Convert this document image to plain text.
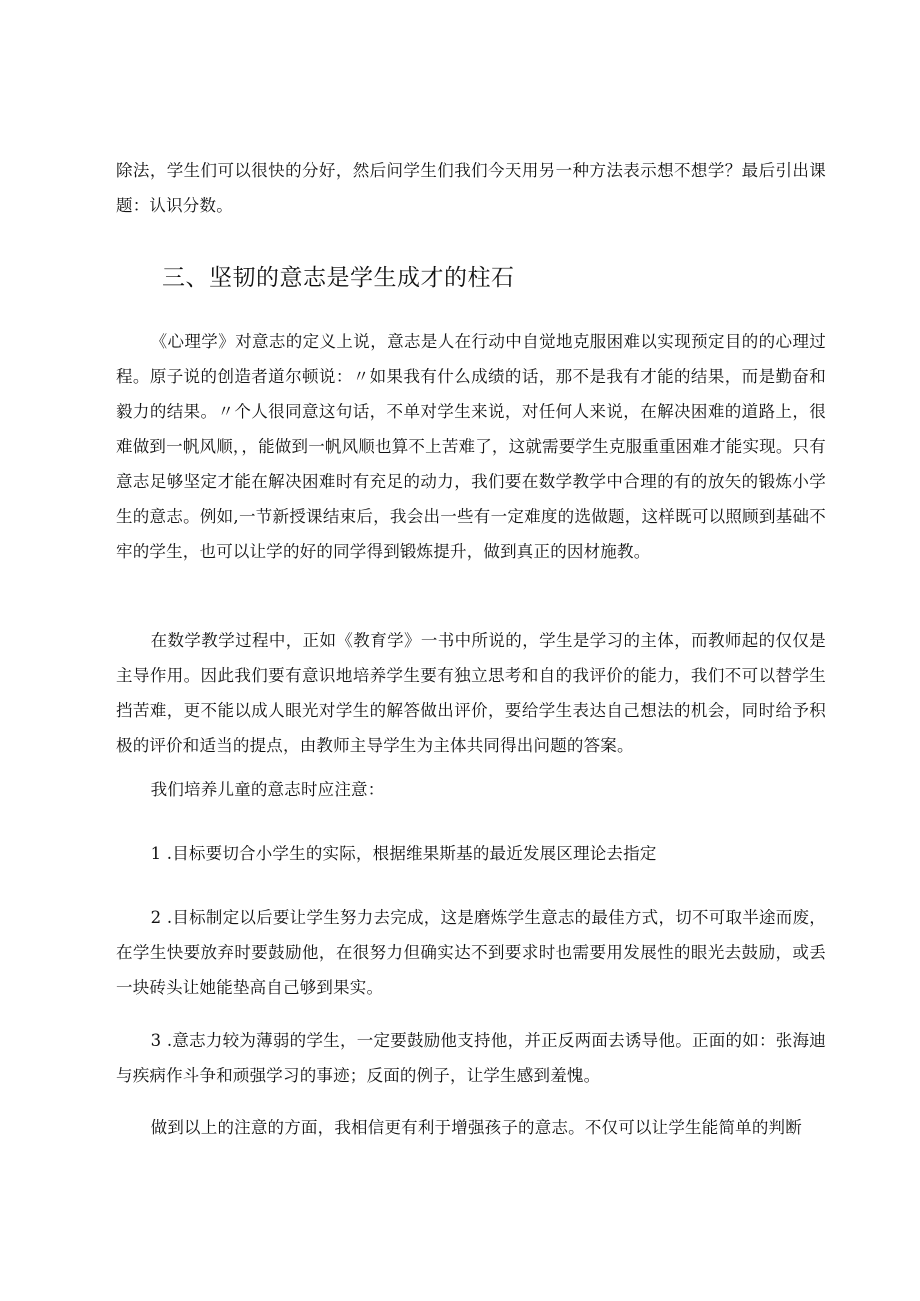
除法，学生们可以很快的分好，然后问学生们我们今天用另一种方法表示想不想学？最后引出课题：认识分数。

三、坚韧的意志是学生成才的柱石

《心理学》对意志的定义上说，意志是人在行动中自觉地克服困难以实现预定目的的心理过程。原子说的创造者道尔顿说：〃如果我有什么成绩的话，那不是我有才能的结果，而是勤奋和毅力的结果。〃个人很同意这句话，不单对学生来说，对任何人来说，在解决困难的道路上，很难做到一帆风顺，，能做到一帆风顺也算不上苦难了，这就需要学生克服重重困难才能实现。只有意志足够坚定才能在解决困难时有充足的动力，我们要在数学教学中合理的有的放矢的锻炼小学生的意志。例如,一节新授课结束后，我会出一些有一定难度的选做题，这样既可以照顾到基础不牢的学生，也可以让学的好的同学得到锻炼提升，做到真正的因材施教。

在数学教学过程中，正如《教育学》一书中所说的，学生是学习的主体，而教师起的仅仅是主导作用。因此我们要有意识地培养学生要有独立思考和自的我评价的能力，我们不可以替学生挡苦难，更不能以成人眼光对学生的解答做出评价，要给学生表达自己想法的机会，同时给予积极的评价和适当的提点，由教师主导学生为主体共同得出问题的答案。

我们培养儿童的意志时应注意：

1 .目标要切合小学生的实际，根据维果斯基的最近发展区理论去指定

2 .目标制定以后要让学生努力去完成，这是磨炼学生意志的最佳方式，切不可取半途而废，在学生快要放弃时要鼓励他，在很努力但确实达不到要求时也需要用发展性的眼光去鼓励，或丢一块砖头让她能垫高自己够到果实。

3 .意志力较为薄弱的学生，一定要鼓励他支持他，并正反两面去诱导他。正面的如：张海迪与疾病作斗争和顽强学习的事迹；反面的例子，让学生感到羞愧。

做到以上的注意的方面，我相信更有利于增强孩子的意志。不仅可以让学生能简单的判断
